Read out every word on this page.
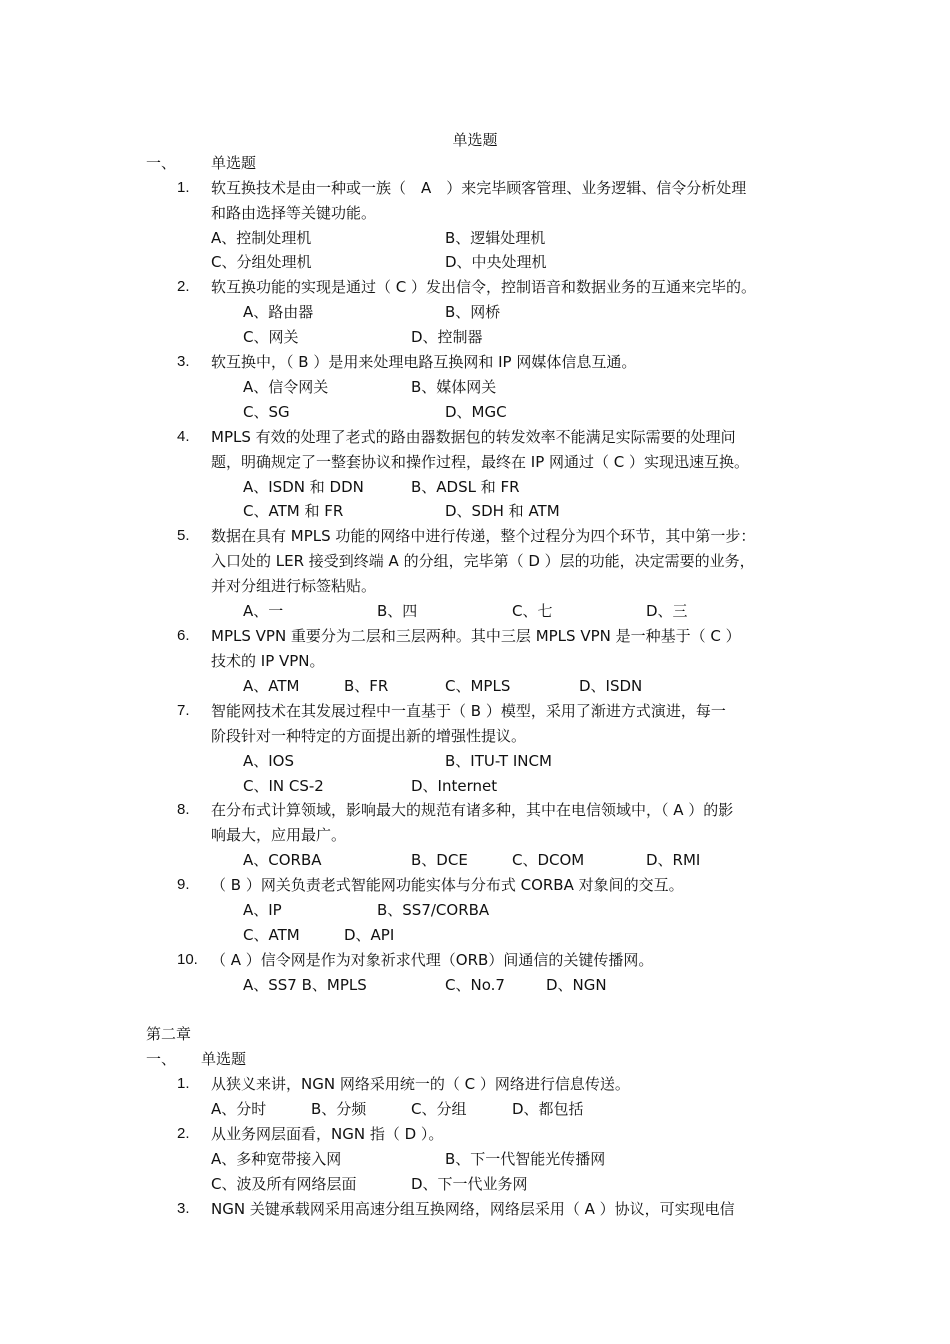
单选题
一、 单选题
1. 软互换技术是由一种或一族（　A　）来完毕顾客管理、业务逻辑、信令分析处理
和路由选择等关键功能。
A、控制处理机	B、逻辑处理机
C、分组处理机	D、中央处理机
2. 软互换功能的实现是通过（ C ）发出信令，控制语音和数据业务的互通来完毕的。
A、路由器	B、网桥
C、网关	D、控制器
3. 软互换中，（ B ）是用来处理电路互换网和 IP 网媒体信息互通。
A、信令网关	B、媒体网关
C、SG	D、MGC
4. MPLS 有效的处理了老式的路由器数据包的转发效率不能满足实际需要的处理问
题，明确规定了一整套协议和操作过程，最终在 IP 网通过（ C ）实现迅速互换。
A、ISDN 和 DDN	B、ADSL 和 FR
C、ATM 和 FR	D、SDH 和 ATM
5. 数据在具有 MPLS 功能的网络中进行传递，整个过程分为四个环节，其中第一步：
入口处的 LER 接受到终端 A 的分组，完毕第（ D ）层的功能，决定需要的业务，
并对分组进行标签粘贴。
A、一	B、四	C、七	D、三
6. MPLS VPN 重要分为二层和三层两种。其中三层 MPLS VPN 是一种基于（ C ）
技术的 IP VPN。
A、ATM	B、FR	C、MPLS	D、ISDN
7. 智能网技术在其发展过程中一直基于（ B ）模型，采用了渐进方式演进，每一
阶段针对一种特定的方面提出新的增强性提议。
A、IOS	B、ITU-T INCM
C、IN CS-2	D、Internet
8. 在分布式计算领域，影响最大的规范有诸多种，其中在电信领域中，（ A ）的影
响最大，应用最广。
A、CORBA	B、DCE	C、DCOM	D、RMI
9. （ B ）网关负责老式智能网功能实体与分布式 CORBA 对象间的交互。
A、IP	B、SS7/CORBA
C、ATM	D、API
10. （ A ）信令网是作为对象祈求代理（ORB）间通信的关键传播网。
A、SS7 B、MPLS	C、No.7	D、NGN
第二章
一、 单选题
1. 从狭义来讲，NGN 网络采用统一的（ C ）网络进行信息传送。
A、分时	B、分频	C、分组	D、都包括
2. 从业务网层面看，NGN 指（ D ）。
A、多种宽带接入网	B、下一代智能光传播网
C、波及所有网络层面	D、下一代业务网
3. NGN 关键承载网采用高速分组互换网络，网络层采用（ A ）协议，可实现电信
